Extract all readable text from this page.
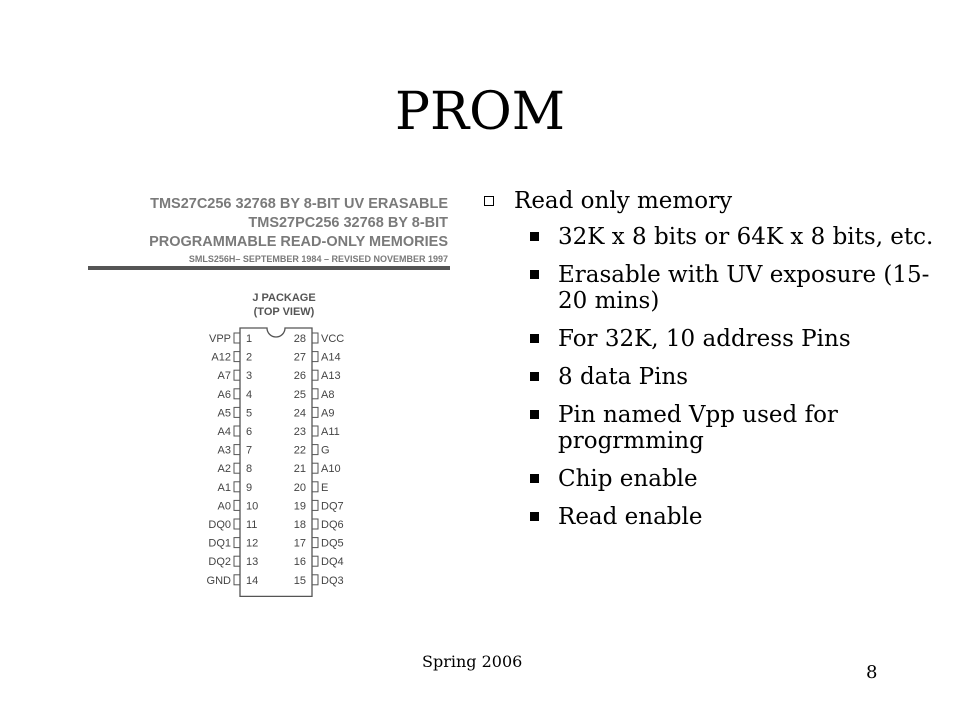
PROM
TMS27C256 32768 BY 8-BIT UV ERASABLE
TMS27PC256 32768 BY 8-BIT
PROGRAMMABLE READ-ONLY MEMORIES
SMLS256H– SEPTEMBER 1984 – REVISED NOVEMBER 1997
J PACKAGE
(TOP VIEW)
VPP 1
A12 2
A7 3
A6 4
A5 5
A4 6
A3 7
A2 8
A1 9
A0 10
DQ0 11
DQ1 12
DQ2 13
GND 14
VCC
28
A14
27
A13
26
A8
25
A9
24
A11
23
G
22
A10
21
E
20
DQ7
19
DQ6
18
DQ5
17
DQ4
16
DQ3
15
Read only memory
32K x 8 bits or 64K x 8 bits, etc.
Erasable with UV exposure (15-20 mins)
For 32K, 10 address Pins
8 data Pins
Pin named Vpp used for progrmming
Chip enable
Read enable
Spring 2006
8
